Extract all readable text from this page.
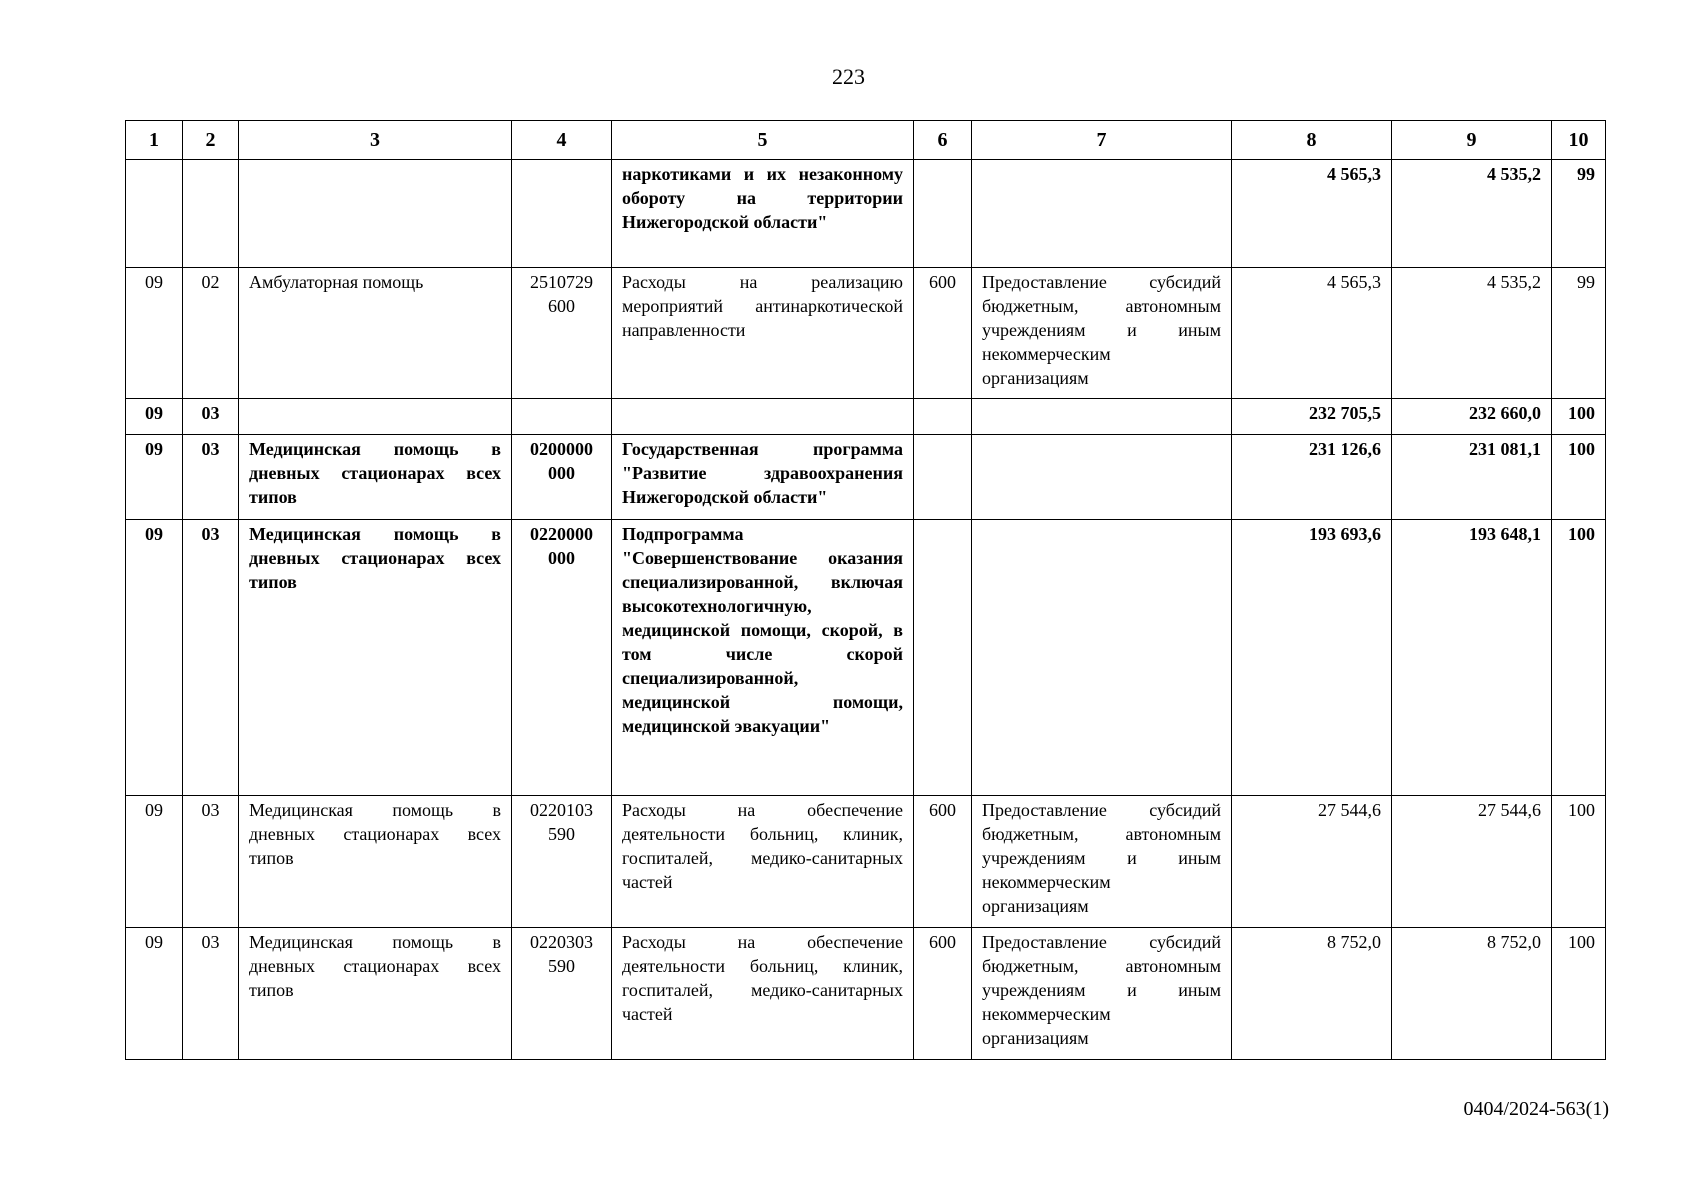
223
1	2	3	4	5	6	7	8	9	10
				наркотиками и их незаконному обороту на территории Нижегородской области"			4 565,3	4 535,2	99
09	02	Амбулаторная помощь	2510729 600	Расходы на реализацию мероприятий антинаркотической направленности	600	Предоставление субсидий бюджетным, автономным учреждениям и иным некоммерческим организациям	4 565,3	4 535,2	99
09	03						232 705,5	232 660,0	100
09	03	Медицинская помощь в дневных стационарах всех типов	0200000 000	Государственная программа "Развитие здравоохранения Нижегородской области"			231 126,6	231 081,1	100
09	03	Медицинская помощь в дневных стационарах всех типов	0220000 000	Подпрограмма "Совершенствование оказания специализированной, включая высокотехнологичную, медицинской помощи, скорой, в том числе скорой специализированной, медицинской помощи, медицинской эвакуации"			193 693,6	193 648,1	100
09	03	Медицинская помощь в дневных стационарах всех типов	0220103 590	Расходы на обеспечение деятельности больниц, клиник, госпиталей, медико-санитарных частей	600	Предоставление субсидий бюджетным, автономным учреждениям и иным некоммерческим организациям	27 544,6	27 544,6	100
09	03	Медицинская помощь в дневных стационарах всех типов	0220303 590	Расходы на обеспечение деятельности больниц, клиник, госпиталей, медико-санитарных частей	600	Предоставление субсидий бюджетным, автономным учреждениям и иным некоммерческим организациям	8 752,0	8 752,0	100
0404/2024-563(1)
